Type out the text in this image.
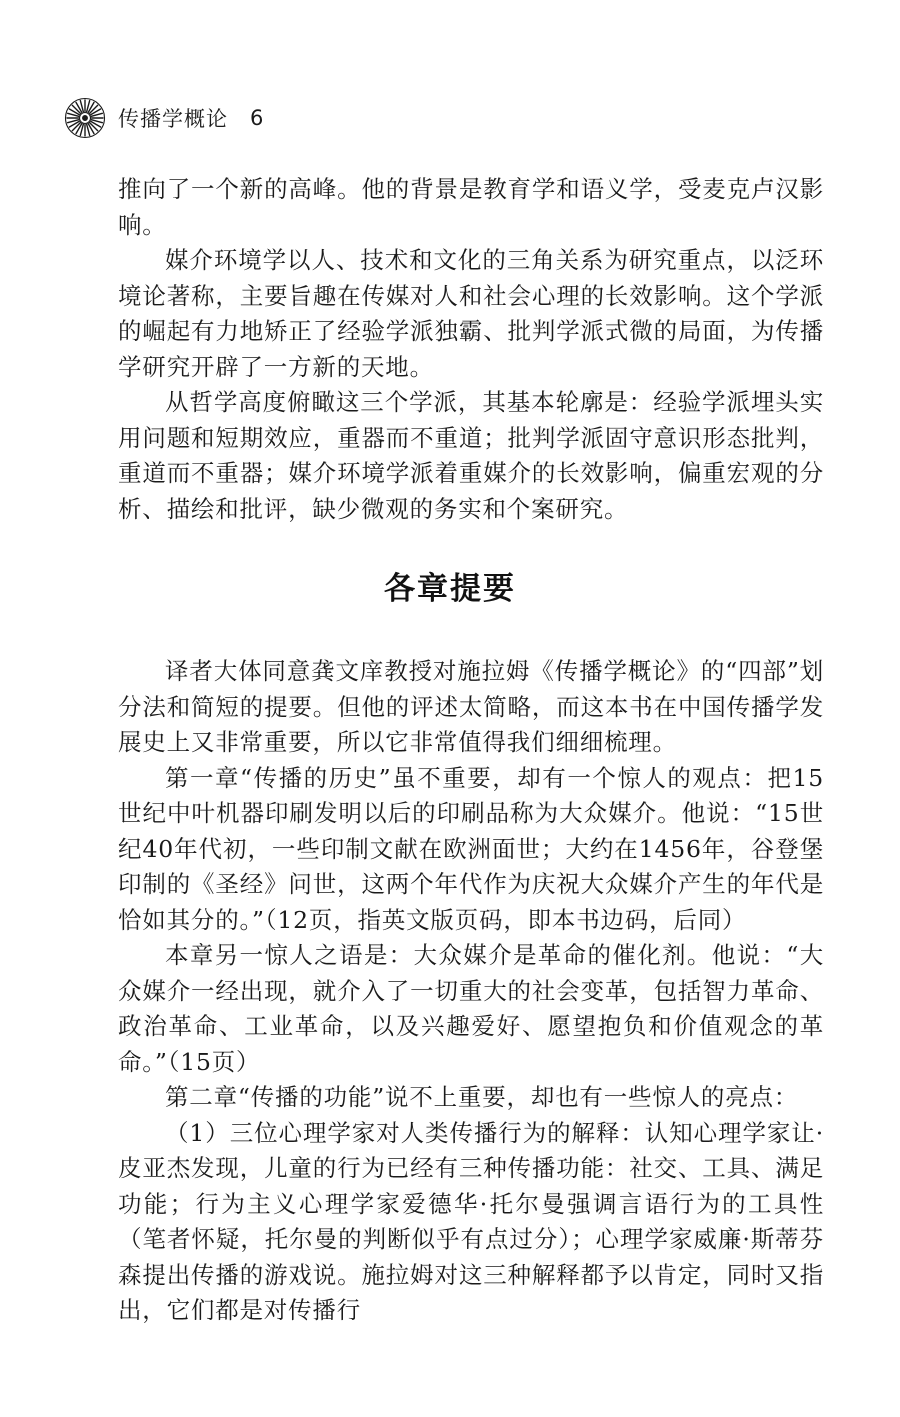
传播学概论 6

推向了一个新的高峰。他的背景是教育学和语义学，受麦克卢汉影响。

媒介环境学以人、技术和文化的三角关系为研究重点，以泛环境论著称，主要旨趣在传媒对人和社会心理的长效影响。这个学派的崛起有力地矫正了经验学派独霸、批判学派式微的局面，为传播学研究开辟了一方新的天地。

从哲学高度俯瞰这三个学派，其基本轮廓是：经验学派埋头实用问题和短期效应，重器而不重道；批判学派固守意识形态批判，重道而不重器；媒介环境学派着重媒介的长效影响，偏重宏观的分析、描绘和批评，缺少微观的务实和个案研究。

各章提要

译者大体同意龚文庠教授对施拉姆《传播学概论》的“四部”划分法和简短的提要。但他的评述太简略，而这本书在中国传播学发展史上又非常重要，所以它非常值得我们细细梳理。

第一章“传播的历史”虽不重要，却有一个惊人的观点：把15世纪中叶机器印刷发明以后的印刷品称为大众媒介。他说：“15世纪40年代初，一些印制文献在欧洲面世；大约在1456年，谷登堡印制的《圣经》问世，这两个年代作为庆祝大众媒介产生的年代是恰如其分的。”（12页，指英文版页码，即本书边码，后同）

本章另一惊人之语是：大众媒介是革命的催化剂。他说：“大众媒介一经出现，就介入了一切重大的社会变革，包括智力革命、政治革命、工业革命，以及兴趣爱好、愿望抱负和价值观念的革命。”（15页）

第二章“传播的功能”说不上重要，却也有一些惊人的亮点：

（1）三位心理学家对人类传播行为的解释：认知心理学家让·皮亚杰发现，儿童的行为已经有三种传播功能：社交、工具、满足功能；行为主义心理学家爱德华·托尔曼强调言语行为的工具性（笔者怀疑，托尔曼的判断似乎有点过分）；心理学家威廉·斯蒂芬森提出传播的游戏说。施拉姆对这三种解释都予以肯定，同时又指出，它们都是对传播行
